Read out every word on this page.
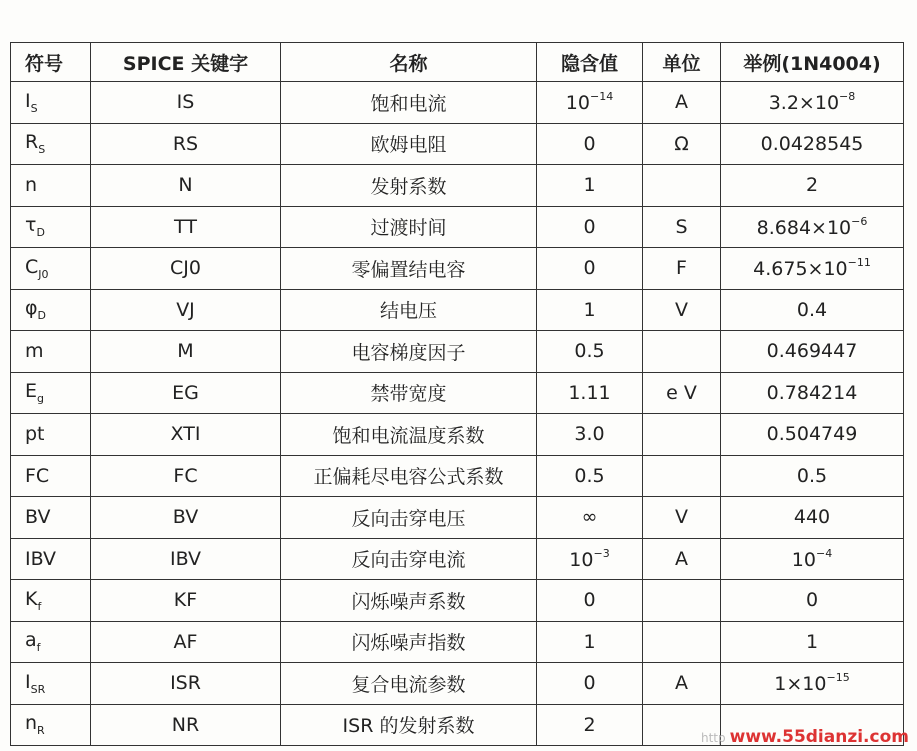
符号	SPICE 关键字	名称	隐含值	单位	举例(1N4004)
$I_S$	IS	饱和电流	$10^{-14}$	A	$3.2\times 10^{-8}$
$R_S$	RS	欧姆电阻	0	Ω	0.0428545
n	N	发射系数	1		2
$\tau_D$	TT	过渡时间	0	S	$8.684\times 10^{-6}$
$C_{J0}$	CJ0	零偏置结电容	0	F	$4.675\times 10^{-11}$
$\varphi_D$	VJ	结电压	1	V	0.4
m	M	电容梯度因子	0.5		0.469447
$E_g$	EG	禁带宽度	1.11	e V	0.784214
pt	XTI	饱和电流温度系数	3.0		0.504749
FC	FC	正偏耗尽电容公式系数	0.5		0.5
BV	BV	反向击穿电压	∞	V	440
IBV	IBV	反向击穿电流	$10^{-3}$	A	$10^{-4}$
$K_f$	KF	闪烁噪声系数	0		0
$a_f$	AF	闪烁噪声指数	1		1
$I_{SR}$	ISR	复合电流参数	0	A	$1\times 10^{-15}$
$n_R$	NR	ISR 的发射系数	2		
http www.55dianzi.com
